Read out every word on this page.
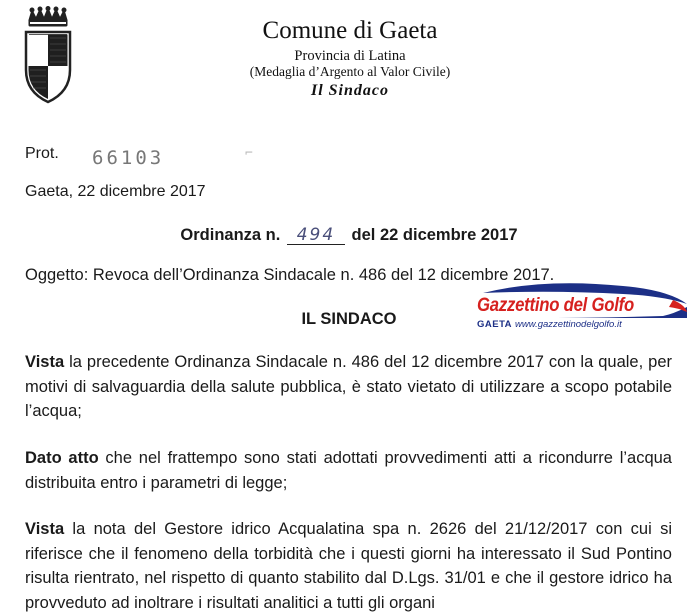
Comune di Gaeta
Provincia di Latina
(Medaglia d’Argento al Valor Civile)
Il Sindaco
Prot. 66103	⌐
Gaeta, 22 dicembre 2017
Ordinanza n. 494 del 22 dicembre 2017
Oggetto: Revoca dell’Ordinanza Sindacale n. 486 del 12 dicembre 2017.
IL SINDACO
Vista la precedente Ordinanza Sindacale n. 486 del 12 dicembre 2017 con la quale, per motivi di salvaguardia della salute pubblica, è stato vietato di utilizzare a scopo potabile l’acqua;
Dato atto che nel frattempo sono stati adottati provvedimenti atti a ricondurre l’acqua distribuita entro i parametri di legge;
Vista la nota del Gestore idrico Acqualatina spa n. 2626 del 21/12/2017 con cui si riferisce che il fenomeno della torbidità che i questi giorni ha interessato il Sud Pontino risulta rientrato, nel rispetto di quanto stabilito dal D.Lgs. 31/01 e che il gestore idrico ha provveduto ad inoltrare i risultati analitici a tutti gli organi
Gazzettino del Golfo
GAETA www.gazzettinodelgolfo.it
